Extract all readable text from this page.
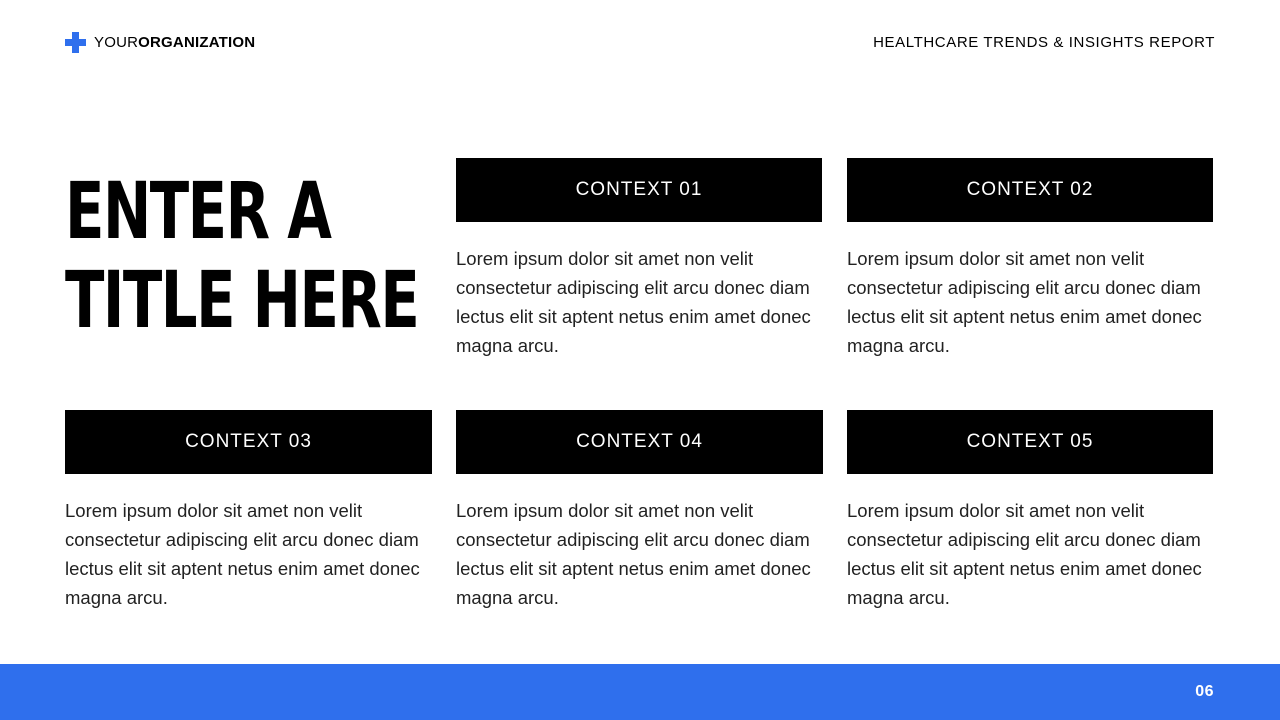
YOURORGANIZATION	HEALTHCARE TRENDS & INSIGHTS REPORT
ENTER A
TITLE HERE
CONTEXT 01
Lorem ipsum dolor sit amet non velit consectetur adipiscing elit arcu donec diam lectus elit sit aptent netus enim amet donec magna arcu.
CONTEXT 02
Lorem ipsum dolor sit amet non velit consectetur adipiscing elit arcu donec diam lectus elit sit aptent netus enim amet donec magna arcu.
CONTEXT 03
Lorem ipsum dolor sit amet non velit consectetur adipiscing elit arcu donec diam lectus elit sit aptent netus enim amet donec magna arcu.
CONTEXT 04
Lorem ipsum dolor sit amet non velit consectetur adipiscing elit arcu donec diam lectus elit sit aptent netus enim amet donec magna arcu.
CONTEXT 05
Lorem ipsum dolor sit amet non velit consectetur adipiscing elit arcu donec diam lectus elit sit aptent netus enim amet donec magna arcu.
06
